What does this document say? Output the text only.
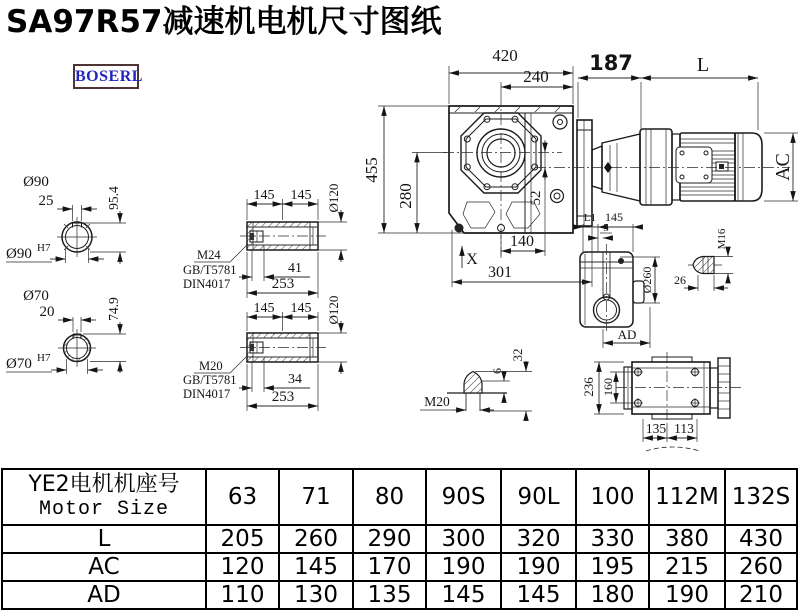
SA97R57减速机电机尺寸图纸
BOSERL
420
240
455
280	52
140
301
X
187	L
AC
Ø90
25	95.4
Ø90 H7
Ø70
20	74.9
Ø70 H7
145 145 Ø120
M24
GB/T5781
DIN4017
41
253
145 145 Ø120
M20
GB/T5781
DIN4017
34
253
L1 145
5
Ø260
AD
26
M16
M20
6
32
236 160
135 113
YE2电机机座号
Motor Size	63	71	80	90S	90L	100	112M	132S
L	205	260	290	300	320	330	380	430
AC	120	145	170	190	190	195	215	260
AD	110	130	135	145	145	180	190	210
